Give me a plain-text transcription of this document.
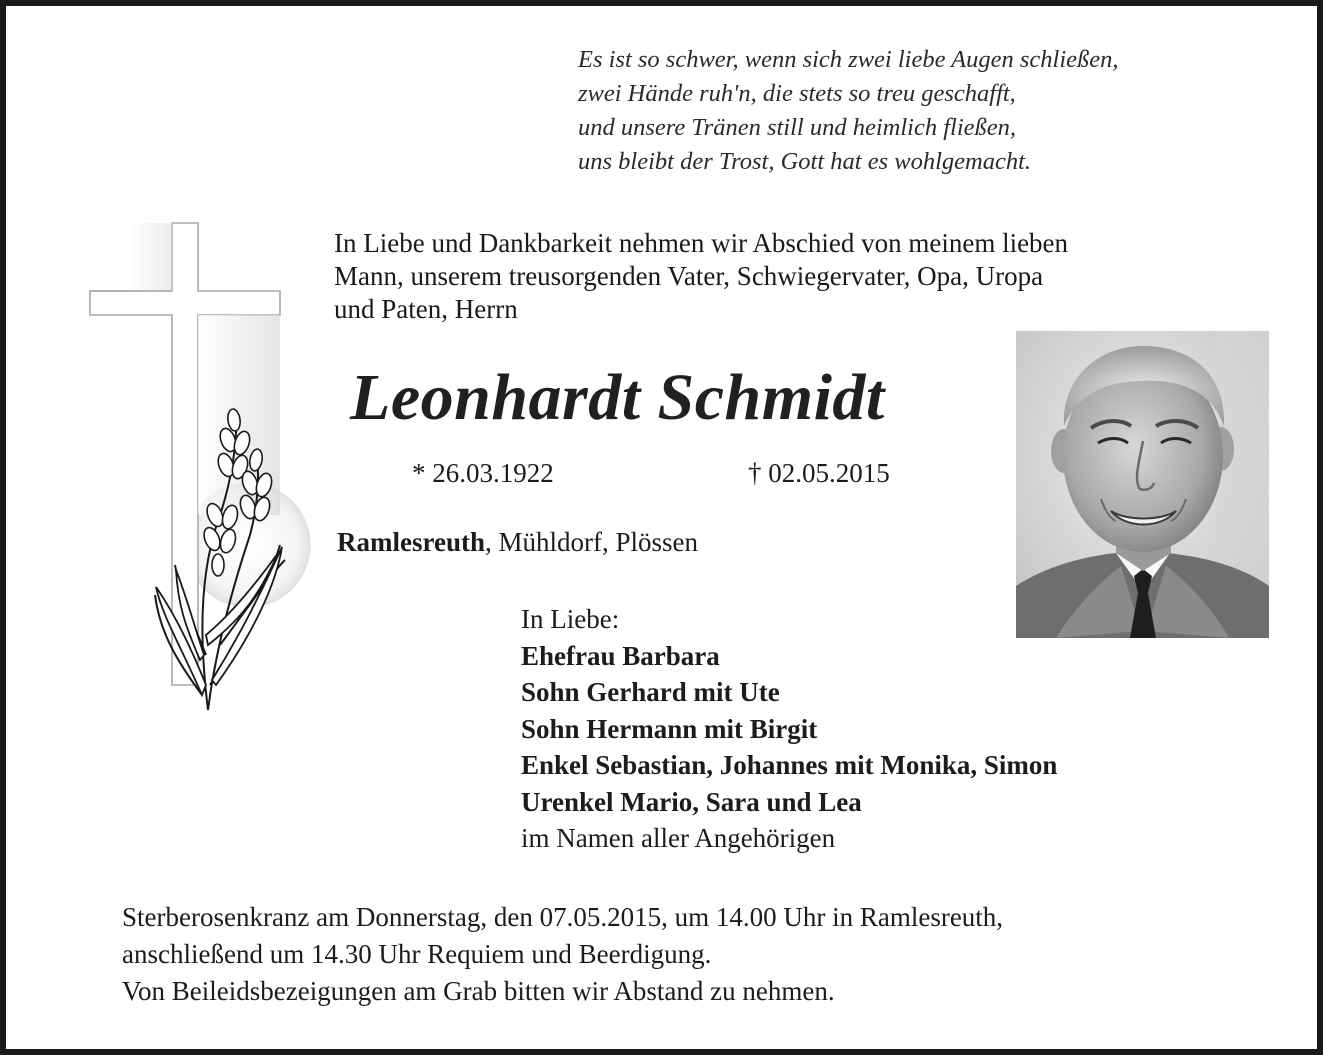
Es ist so schwer, wenn sich zwei liebe Augen schließen,
zwei Hände ruh'n, die stets so treu geschafft,
und unsere Tränen still und heimlich fließen,
uns bleibt der Trost, Gott hat es wohlgemacht.
In Liebe und Dankbarkeit nehmen wir Abschied von meinem lieben
Mann, unserem treusorgenden Vater, Schwiegervater, Opa, Uropa
und Paten, Herrn
Leonhardt Schmidt
* 26.03.1922	† 02.05.2015
Ramlesreuth, Mühldorf, Plössen
In Liebe:
Ehefrau Barbara
Sohn Gerhard mit Ute
Sohn Hermann mit Birgit
Enkel Sebastian, Johannes mit Monika, Simon
Urenkel Mario, Sara und Lea
im Namen aller Angehörigen
Sterberosenkranz am Donnerstag, den 07.05.2015, um 14.00 Uhr in Ramlesreuth,
anschließend um 14.30 Uhr Requiem und Beerdigung.
Von Beileidsbezeigungen am Grab bitten wir Abstand zu nehmen.
